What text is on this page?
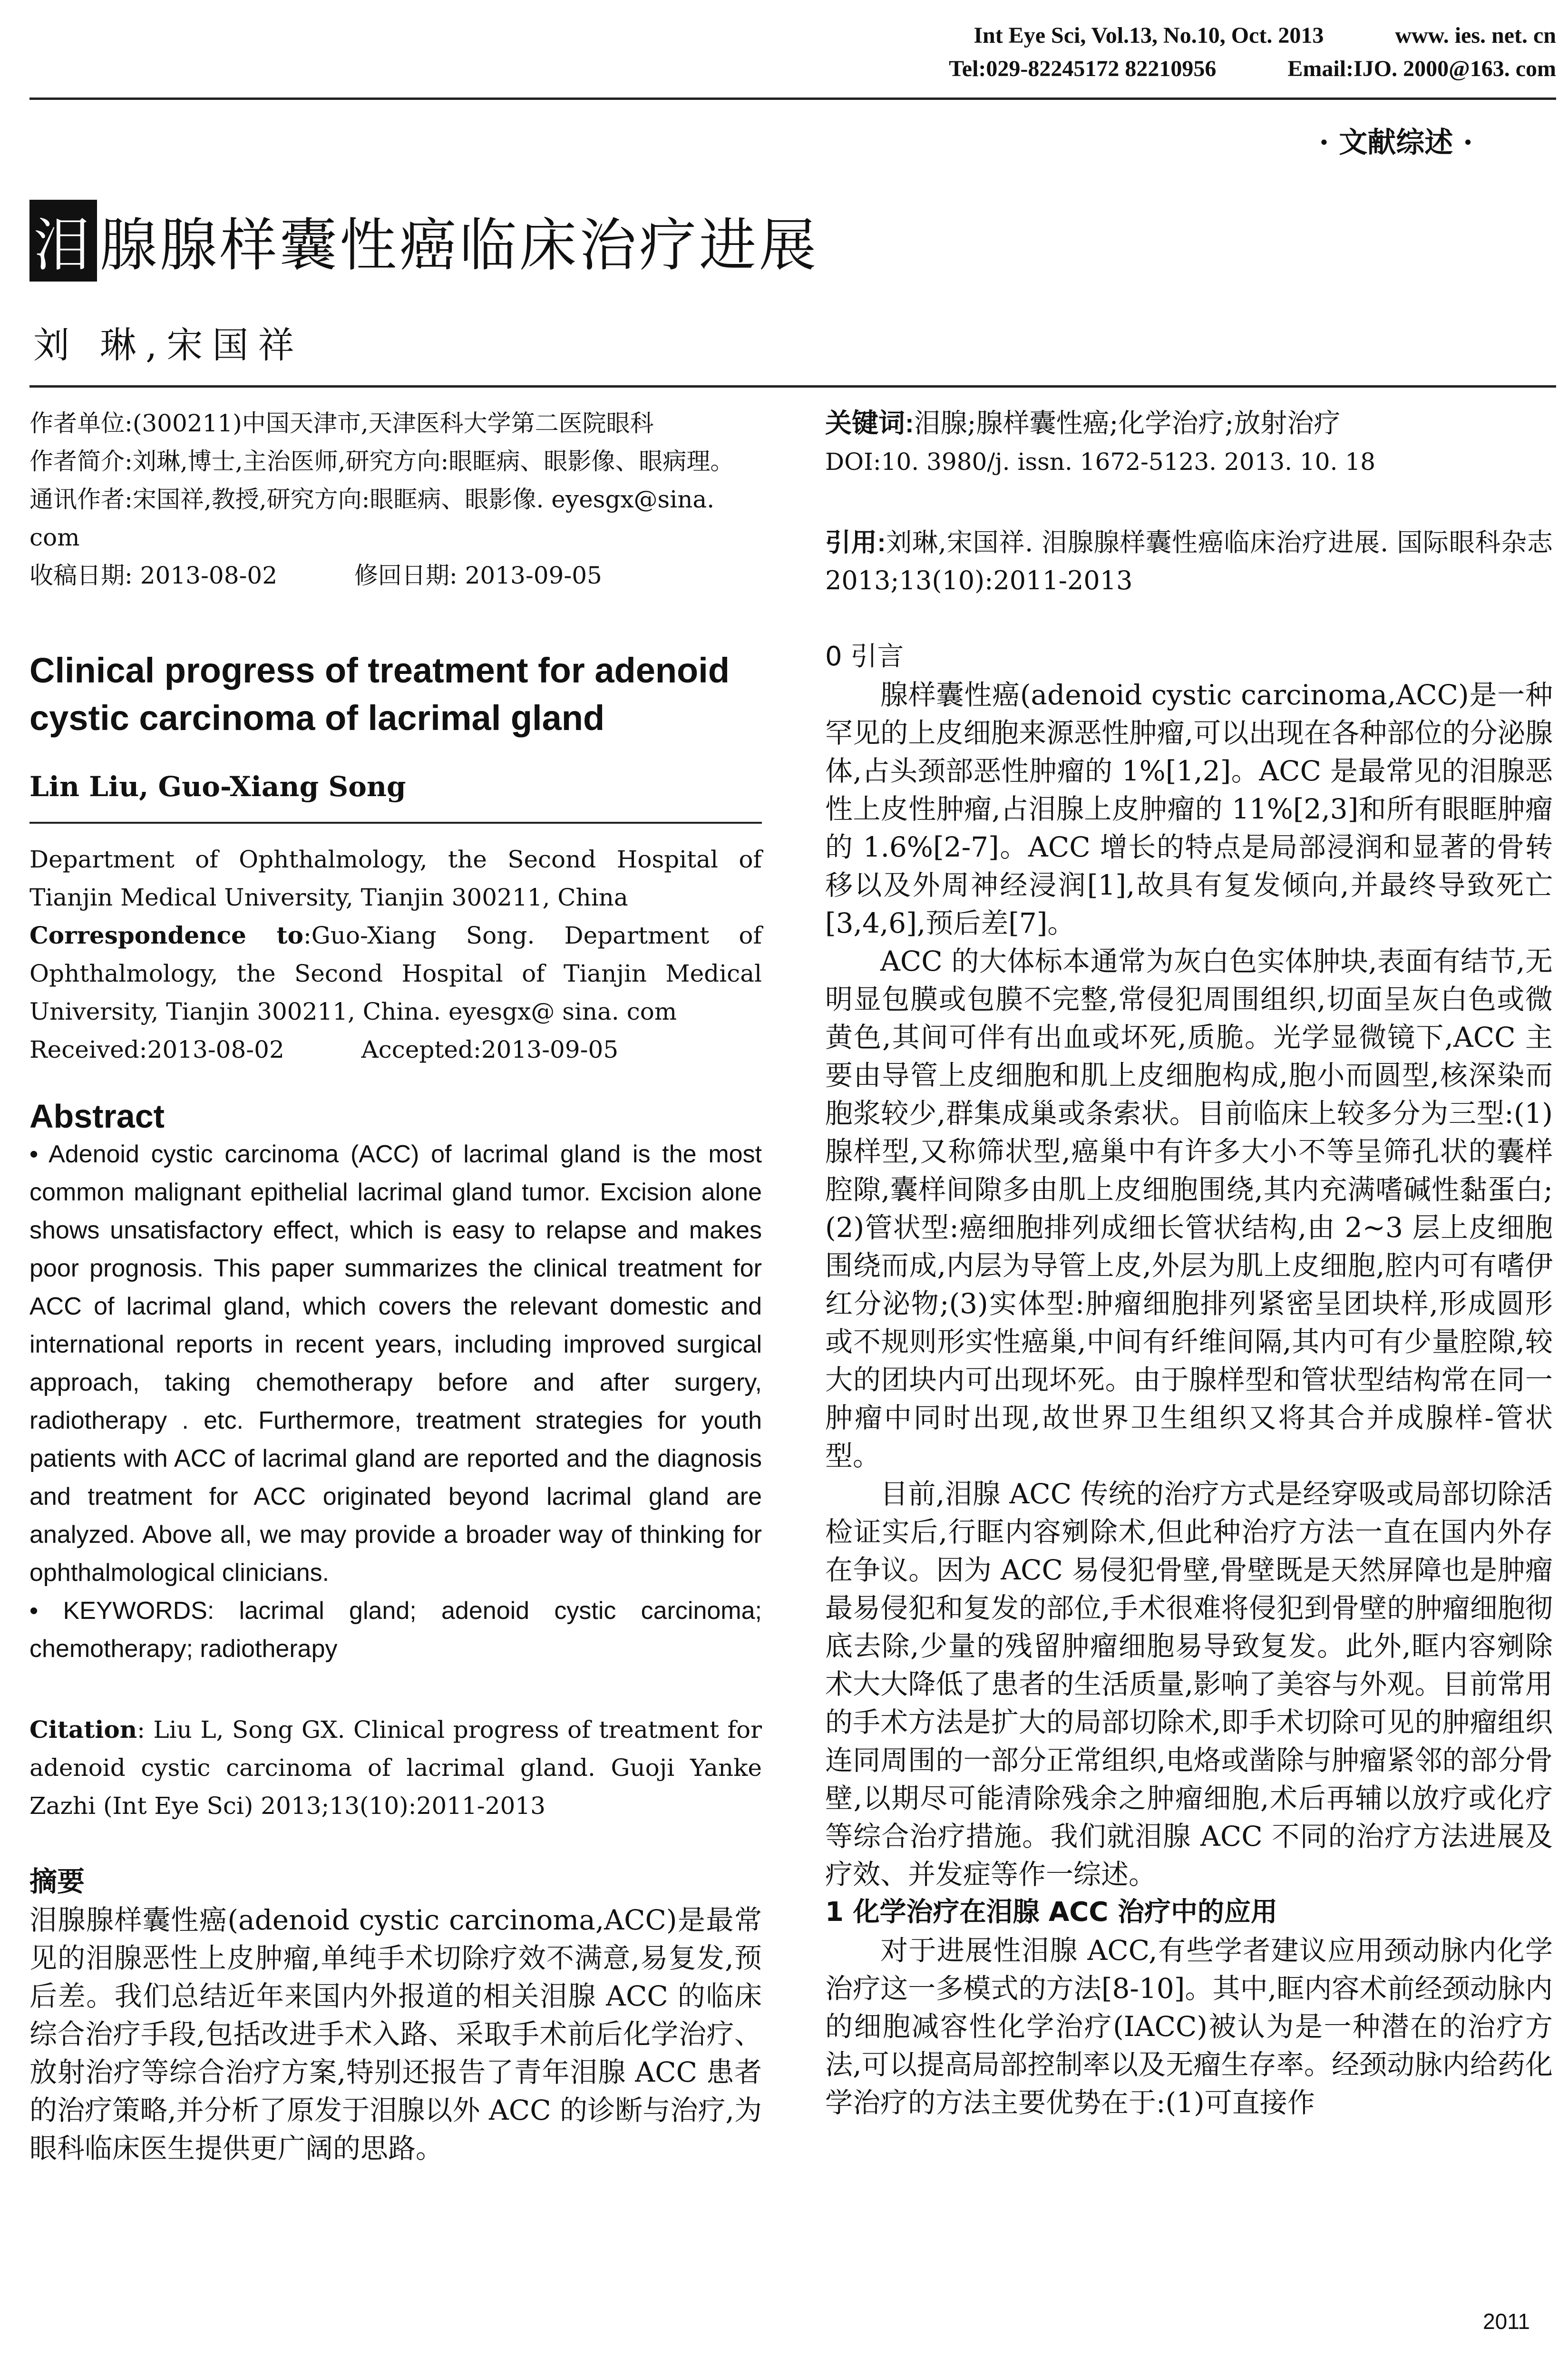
Int Eye Sci, Vol.13, No.10, Oct. 2013	www. ies. net. cn
Tel:029-82245172 82210956	Email:IJO. 2000@163. com
· 文献综述 ·
泪 腺腺样囊性癌临床治疗进展
刘 琳,宋国祥

作者单位:(300211)中国天津市,天津医科大学第二医院眼科

作者简介:刘琳,博士,主治医师,研究方向:眼眶病、眼影像、眼病理。

通讯作者:宋国祥,教授,研究方向:眼眶病、眼影像. eyesgx@sina. com

收稿日期: 2013-08-02	修回日期: 2013-09-05

Clinical progress of treatment for adenoid cystic carcinoma of lacrimal gland

Lin Liu, Guo-Xiang Song

Department of Ophthalmology, the Second Hospital of Tianjin Medical University, Tianjin 300211, China

Correspondence to:Guo-Xiang Song. Department of Ophthalmology, the Second Hospital of Tianjin Medical University, Tianjin 300211, China. eyesgx@ sina. com

Received:2013-08-02	Accepted:2013-09-05

Abstract

• Adenoid cystic carcinoma (ACC) of lacrimal gland is the most common malignant epithelial lacrimal gland tumor. Excision alone shows unsatisfactory effect, which is easy to relapse and makes poor prognosis. This paper summarizes the clinical treatment for ACC of lacrimal gland, which covers the relevant domestic and international reports in recent years, including improved surgical approach, taking chemotherapy before and after surgery, radiotherapy . etc. Furthermore, treatment strategies for youth patients with ACC of lacrimal gland are reported and the diagnosis and treatment for ACC originated beyond lacrimal gland are analyzed. Above all, we may provide a broader way of thinking for ophthalmological clinicians.

• KEYWORDS: lacrimal gland; adenoid cystic carcinoma; chemotherapy; radiotherapy

Citation: Liu L, Song GX. Clinical progress of treatment for adenoid cystic carcinoma of lacrimal gland. Guoji Yanke Zazhi (Int Eye Sci) 2013;13(10):2011-2013

摘要

泪腺腺样囊性癌(adenoid cystic carcinoma,ACC)是最常见的泪腺恶性上皮肿瘤,单纯手术切除疗效不满意,易复发,预后差。我们总结近年来国内外报道的相关泪腺 ACC 的临床综合治疗手段,包括改进手术入路、采取手术前后化学治疗、放射治疗等综合治疗方案,特别还报告了青年泪腺 ACC 患者的治疗策略,并分析了原发于泪腺以外 ACC 的诊断与治疗,为眼科临床医生提供更广阔的思路。

关键词:泪腺;腺样囊性癌;化学治疗;放射治疗

DOI:10. 3980/j. issn. 1672-5123. 2013. 10. 18

引用:刘琳,宋国祥. 泪腺腺样囊性癌临床治疗进展. 国际眼科杂志 2013;13(10):2011-2013

0 引言

腺样囊性癌(adenoid cystic carcinoma,ACC)是一种罕见的上皮细胞来源恶性肿瘤,可以出现在各种部位的分泌腺体,占头颈部恶性肿瘤的 1%[1,2]。ACC 是最常见的泪腺恶性上皮性肿瘤,占泪腺上皮肿瘤的 11%[2,3]和所有眼眶肿瘤的 1.6%[2-7]。ACC 增长的特点是局部浸润和显著的骨转移以及外周神经浸润[1],故具有复发倾向,并最终导致死亡[3,4,6],预后差[7]。

ACC 的大体标本通常为灰白色实体肿块,表面有结节,无明显包膜或包膜不完整,常侵犯周围组织,切面呈灰白色或微黄色,其间可伴有出血或坏死,质脆。光学显微镜下,ACC 主要由导管上皮细胞和肌上皮细胞构成,胞小而圆型,核深染而胞浆较少,群集成巢或条索状。目前临床上较多分为三型:(1)腺样型,又称筛状型,癌巢中有许多大小不等呈筛孔状的囊样腔隙,囊样间隙多由肌上皮细胞围绕,其内充满嗜碱性黏蛋白;(2)管状型:癌细胞排列成细长管状结构,由 2~3 层上皮细胞围绕而成,内层为导管上皮,外层为肌上皮细胞,腔内可有嗜伊红分泌物;(3)实体型:肿瘤细胞排列紧密呈团块样,形成圆形或不规则形实性癌巢,中间有纤维间隔,其内可有少量腔隙,较大的团块内可出现坏死。由于腺样型和管状型结构常在同一肿瘤中同时出现,故世界卫生组织又将其合并成腺样-管状型。

目前,泪腺 ACC 传统的治疗方式是经穿吸或局部切除活检证实后,行眶内容剜除术,但此种治疗方法一直在国内外存在争议。因为 ACC 易侵犯骨壁,骨壁既是天然屏障也是肿瘤最易侵犯和复发的部位,手术很难将侵犯到骨壁的肿瘤细胞彻底去除,少量的残留肿瘤细胞易导致复发。此外,眶内容剜除术大大降低了患者的生活质量,影响了美容与外观。目前常用的手术方法是扩大的局部切除术,即手术切除可见的肿瘤组织连同周围的一部分正常组织,电烙或凿除与肿瘤紧邻的部分骨壁,以期尽可能清除残余之肿瘤细胞,术后再辅以放疗或化疗等综合治疗措施。我们就泪腺 ACC 不同的治疗方法进展及疗效、并发症等作一综述。

1 化学治疗在泪腺 ACC 治疗中的应用

对于进展性泪腺 ACC,有些学者建议应用颈动脉内化学治疗这一多模式的方法[8-10]。其中,眶内容术前经颈动脉内的细胞减容性化学治疗(IACC)被认为是一种潜在的治疗方法,可以提高局部控制率以及无瘤生存率。经颈动脉内给药化学治疗的方法主要优势在于:(1)可直接作

2011
